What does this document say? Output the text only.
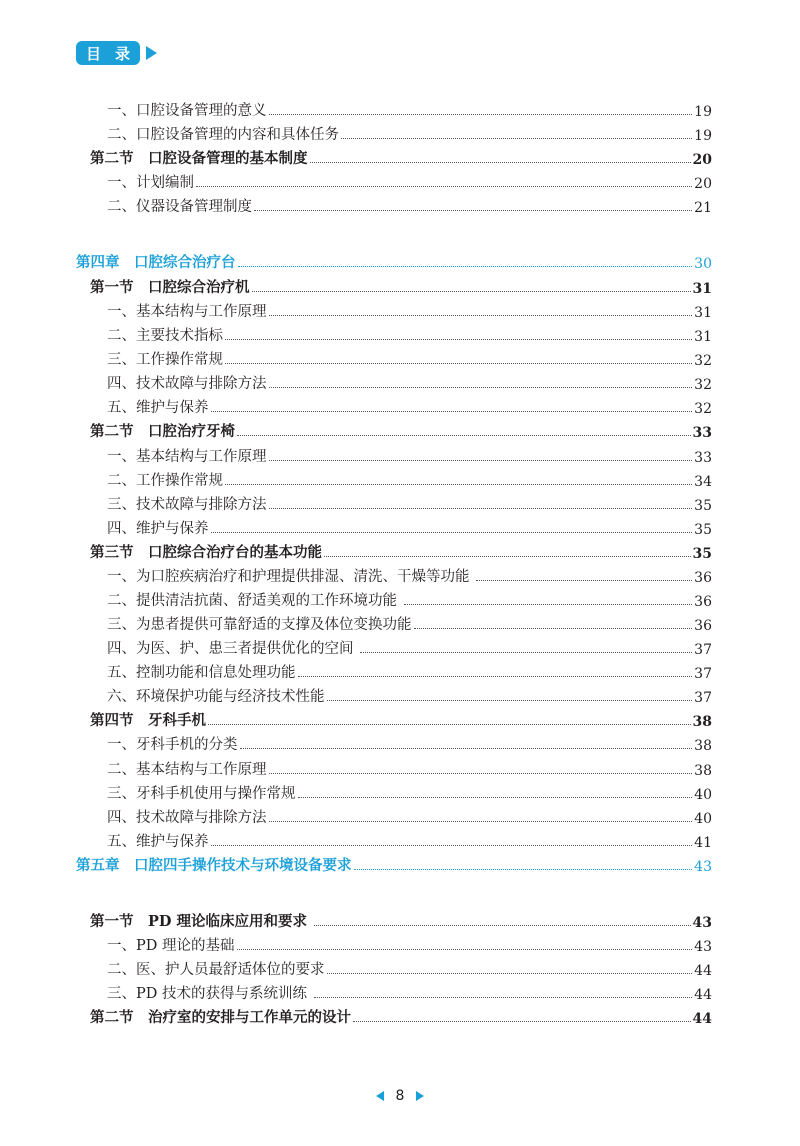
目 录
一、口腔设备管理的意义	19
二、口腔设备管理的内容和具体任务	19
第二节　口腔设备管理的基本制度	20
一、计划编制	20
二、仪器设备管理制度	21
第四章　口腔综合治疗台	30
第一节　口腔综合治疗机	31
一、基本结构与工作原理	31
二、主要技术指标	31
三、工作操作常规	32
四、技术故障与排除方法	32
五、维护与保养	32
第二节　口腔治疗牙椅	33
一、基本结构与工作原理	33
二、工作操作常规	34
三、技术故障与排除方法	35
四、维护与保养	35
第三节　口腔综合治疗台的基本功能	35
一、为口腔疾病治疗和护理提供排湿、清洗、干燥等功能	36
二、提供清洁抗菌、舒适美观的工作环境功能	36
三、为患者提供可靠舒适的支撑及体位变换功能	36
四、为医、护、患三者提供优化的空间	37
五、控制功能和信息处理功能	37
六、环境保护功能与经济技术性能	37
第四节　牙科手机	38
一、牙科手机的分类	38
二、基本结构与工作原理	38
三、牙科手机使用与操作常规	40
四、技术故障与排除方法	40
五、维护与保养	41
第五章　口腔四手操作技术与环境设备要求	43
第一节　PD 理论临床应用和要求	43
一、PD 理论的基础	43
二、医、护人员最舒适体位的要求	44
三、PD 技术的获得与系统训练	44
第二节　治疗室的安排与工作单元的设计	44
8
